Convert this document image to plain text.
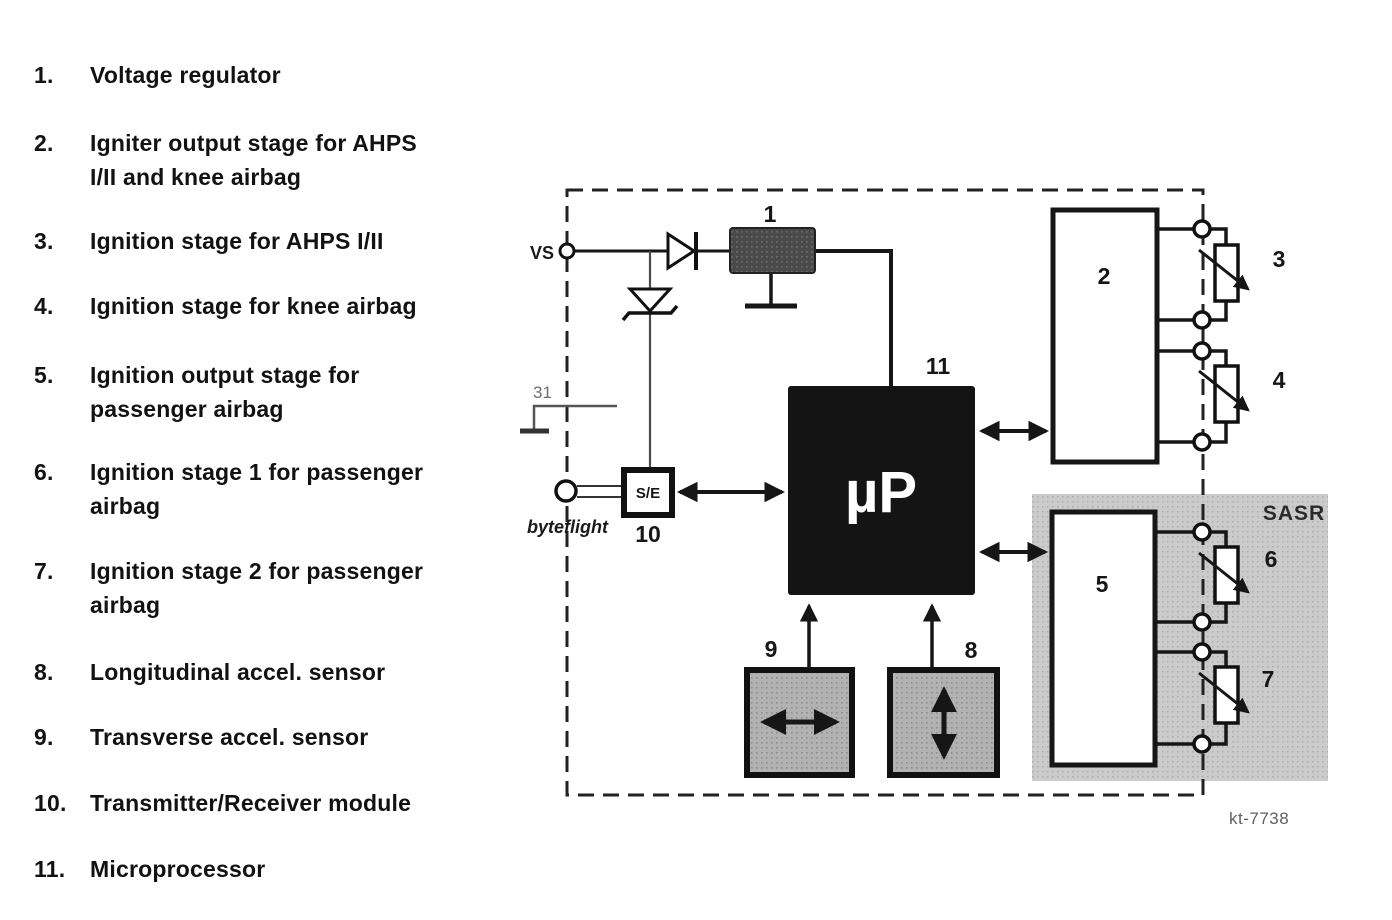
1.	Voltage regulator
2.	Igniter output stage for AHPS
I/II and knee airbag
3.	Ignition stage for AHPS I/II
4.	Ignition stage for knee airbag
5.	Ignition output stage for
passenger airbag
6.	Ignition stage 1 for passenger
airbag
7.	Ignition stage 2 for passenger
airbag
8.	Longitudinal accel. sensor
9.	Transverse accel. sensor
10.	Transmitter/Receiver module
11.	Microprocessor
1
µP
11
S/E
10
2
5
3
4
6
7
9	8
VS
31
byteflight
SASR
kt-7738
